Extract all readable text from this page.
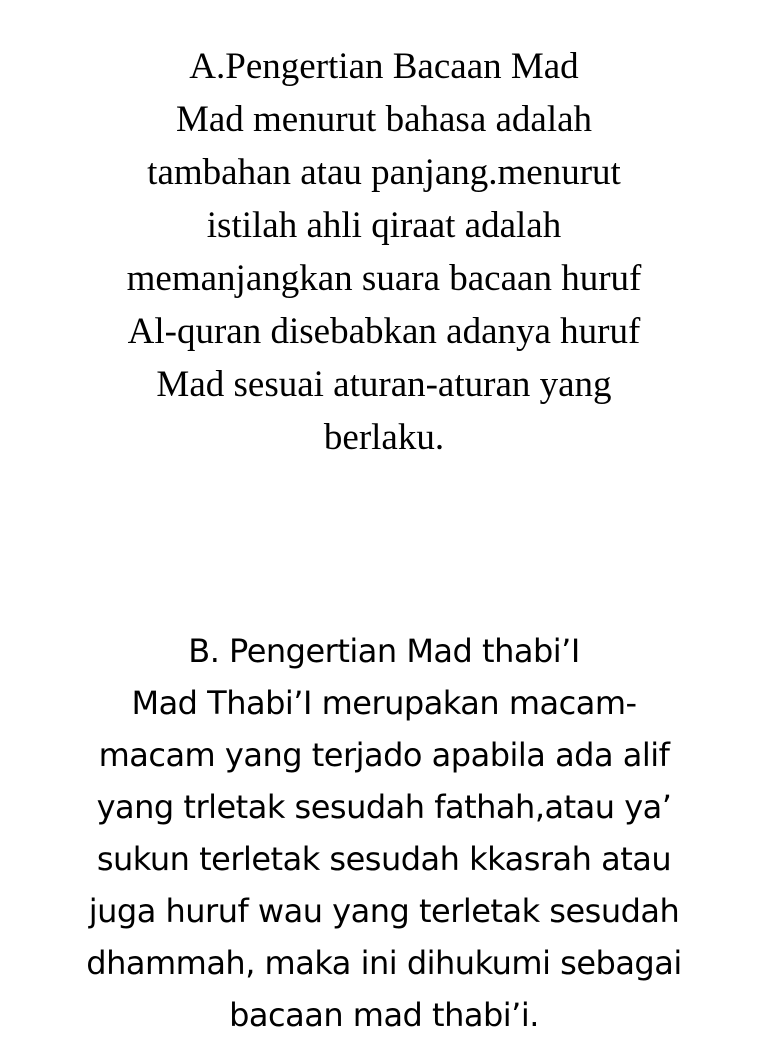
A.Pengertian Bacaan Mad
Mad menurut bahasa adalah
tambahan atau panjang.menurut
istilah ahli qiraat adalah
memanjangkan suara bacaan huruf
Al-quran disebabkan adanya huruf
Mad sesuai aturan-aturan yang
berlaku.
B. Pengertian Mad thabi’I
Mad Thabi’I merupakan macam-
macam yang terjado apabila ada alif
yang trletak sesudah fathah,atau ya’
sukun terletak sesudah kkasrah atau
juga huruf wau yang terletak sesudah
dhammah, maka ini dihukumi sebagai
bacaan mad thabi’i.
